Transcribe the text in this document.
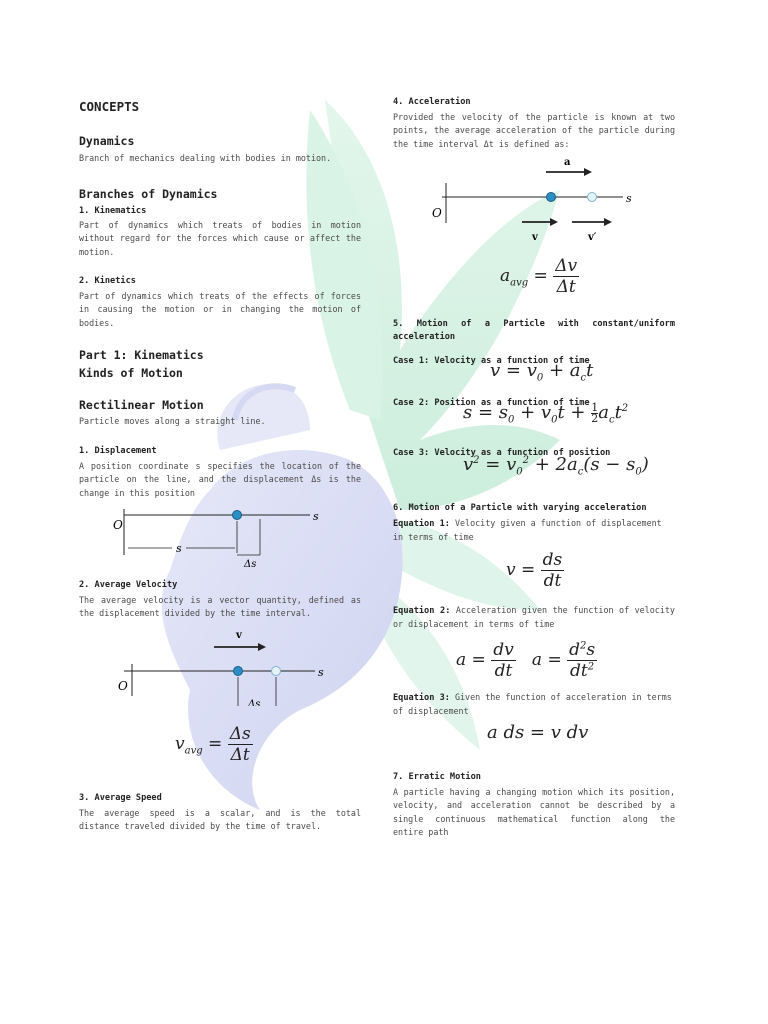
CONCEPTS

Dynamics

Branch of mechanics dealing with bodies in motion.

Branches of Dynamics

1. Kinematics

Part of dynamics which treats of bodies in motion without regard for the forces which cause or affect the motion.

2. Kinetics

Part of dynamics which treats of the effects of forces in causing the motion or in changing the motion of bodies.

Part 1: Kinematics

Kinds of Motion

Rectilinear Motion

Particle moves along a straight line.

1. Displacement

A position coordinate s specifies the location of the particle on the line, and the displacement Δs is the change in this position

2. Average Velocity

The average velocity is a vector quantity, defined as the displacement divided by the time interval.

3. Average Speed

The average speed is a scalar, and is the total distance traveled divided by the time of travel.

O
s
s
Δs
v
O
s
Δs
$v_{avg} = \frac{\Delta s}{\Delta t}$

4. Acceleration

Provided the velocity of the particle is known at two points, the average acceleration of the particle during the time interval Δt is defined as:

5. Motion of a Particle with constant/uniform acceleration

Case 1: Velocity as a function of time

Case 2: Position as a function of time

Case 3: Velocity as a function of position

6. Motion of a Particle with varying acceleration

Equation 1: Velocity given a function of displacement in terms of time

Equation 2: Acceleration given the function of velocity or displacement in terms of time

Equation 3: Given the function of acceleration in terms of displacement

7. Erratic Motion

A particle having a changing motion which its position, velocity, and acceleration cannot be described by a single continuous mathematical function along the entire path

a
O
s
v	v′
$a_{avg} = \frac{\Delta v}{\Delta t}$
$v = v_0 + a_ct$
$s = s_0 + v_0t + \frac{1}{2} a_ct^2$
$v^2 = v_0^2 + 2a_c(s - s_0)$
$v = \frac{ds}{dt}$
$a = \frac{dv}{dt}$ $a = \frac{d^2s}{dt^2}$
a ds = v dv
